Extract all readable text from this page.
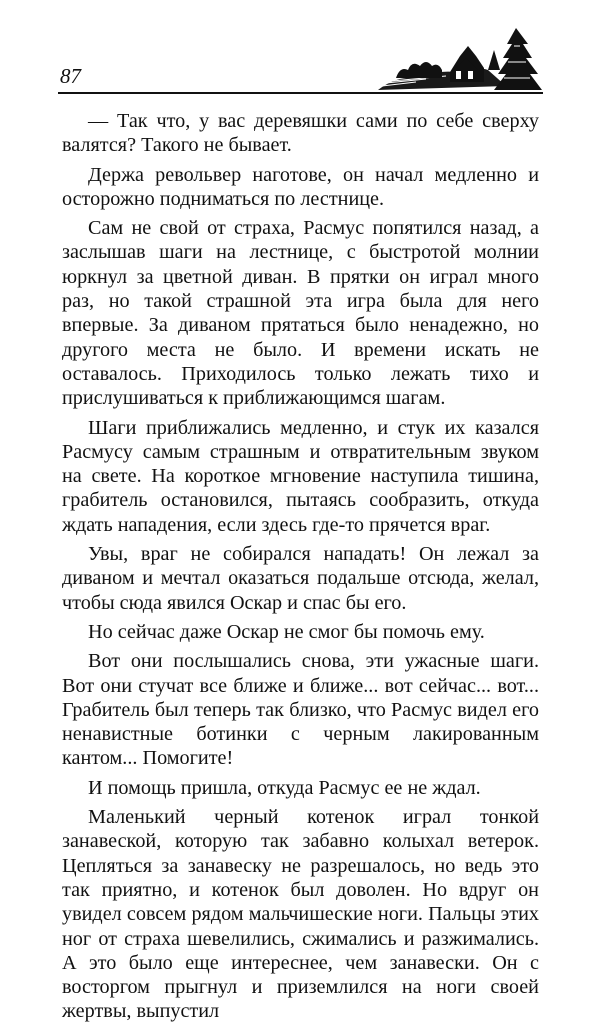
87

— Так что, у вас деревяшки сами по себе сверху валятся? Такого не бывает.

Держа револьвер наготове, он начал медленно и осторожно подниматься по лестнице.

Сам не свой от страха, Расмус попятился назад, а заслышав шаги на лестнице, с быстротой молнии юркнул за цветной диван. В прятки он играл много раз, но такой страшной эта игра была для него впервые. За диваном прятаться было ненадежно, но другого места не было. И времени искать не оставалось. Приходилось только лежать тихо и прислушиваться к приближающимся шагам.

Шаги приближались медленно, и стук их казался Расмусу самым страшным и отвратительным звуком на свете. На короткое мгновение наступила тишина, грабитель остановился, пытаясь сообразить, откуда ждать нападения, если здесь где-то прячется враг.

Увы, враг не собирался нападать! Он лежал за диваном и мечтал оказаться подальше отсюда, желал, чтобы сюда явился Оскар и спас бы его.

Но сейчас даже Оскар не смог бы помочь ему.

Вот они послышались снова, эти ужасные шаги. Вот они стучат все ближе и ближе... вот сейчас... вот... Грабитель был теперь так близко, что Расмус видел его ненавистные ботинки с черным лакированным кантом... Помогите!

И помощь пришла, откуда Расмус ее не ждал.

Маленький черный котенок играл тонкой занавеской, которую так забавно колыхал ветерок. Цепляться за занавеску не разрешалось, но ведь это так приятно, и котенок был доволен. Но вдруг он увидел совсем рядом мальчишеские ноги. Пальцы этих ног от страха шевелились, сжимались и разжимались. А это было еще интереснее, чем занавески. Он с восторгом прыгнул и приземлился на ноги своей жертвы, выпустил
